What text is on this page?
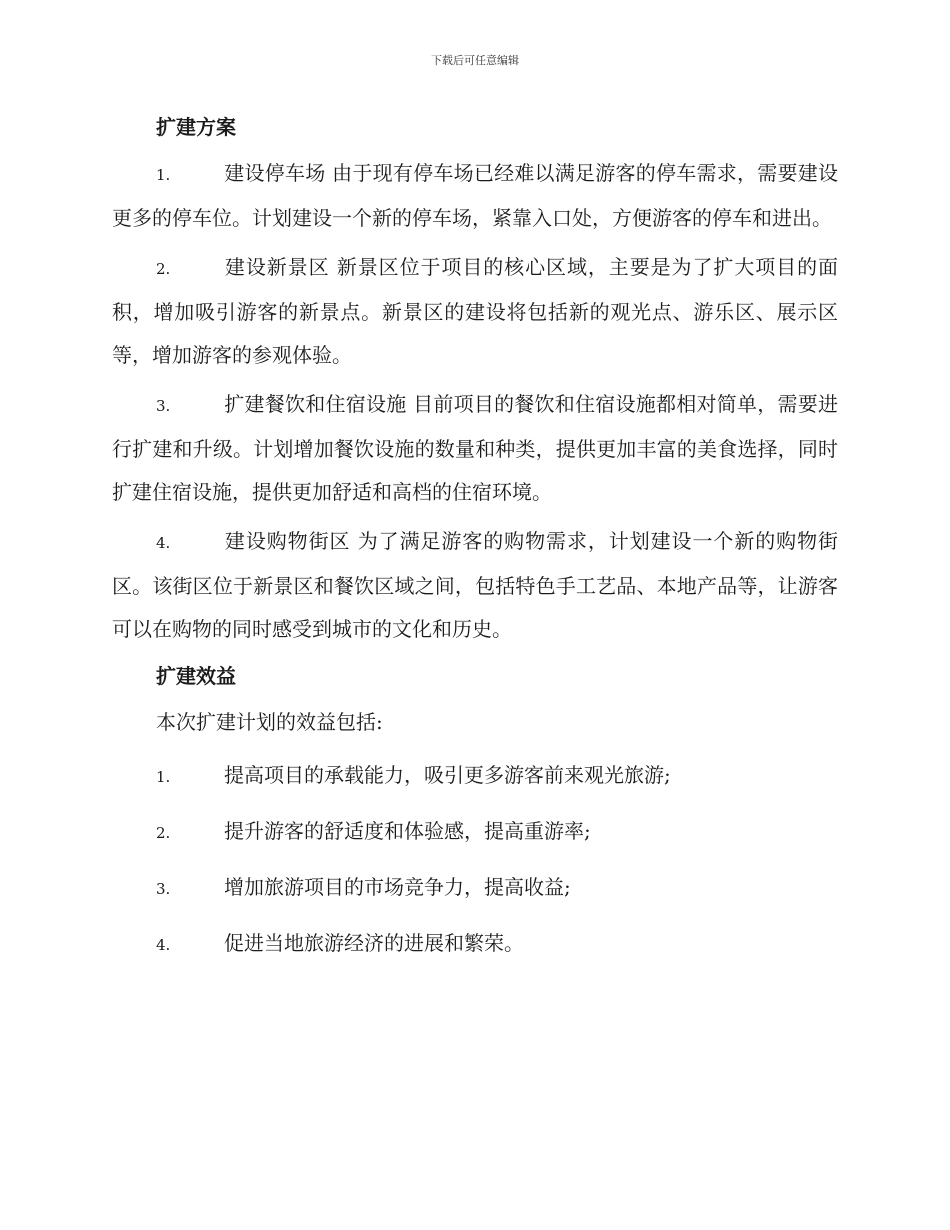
下载后可任意编辑
扩建方案

1.	建设停车场 由于现有停车场已经难以满足游客的停车需求，需要建设更多的停车位。计划建设一个新的停车场，紧靠入口处，方便游客的停车和进出。

2.	建设新景区 新景区位于项目的核心区域，主要是为了扩大项目的面积，增加吸引游客的新景点。新景区的建设将包括新的观光点、游乐区、展示区等，增加游客的参观体验。

3.	扩建餐饮和住宿设施 目前项目的餐饮和住宿设施都相对简单，需要进行扩建和升级。计划增加餐饮设施的数量和种类，提供更加丰富的美食选择，同时扩建住宿设施，提供更加舒适和高档的住宿环境。

4.	建设购物街区 为了满足游客的购物需求，计划建设一个新的购物街区。该街区位于新景区和餐饮区域之间，包括特色手工艺品、本地产品等，让游客可以在购物的同时感受到城市的文化和历史。

扩建效益
本次扩建计划的效益包括:
1.	提高项目的承载能力，吸引更多游客前来观光旅游;
2.	提升游客的舒适度和体验感，提高重游率;
3.	增加旅游项目的市场竞争力，提高收益;
4.	促进当地旅游经济的进展和繁荣。
